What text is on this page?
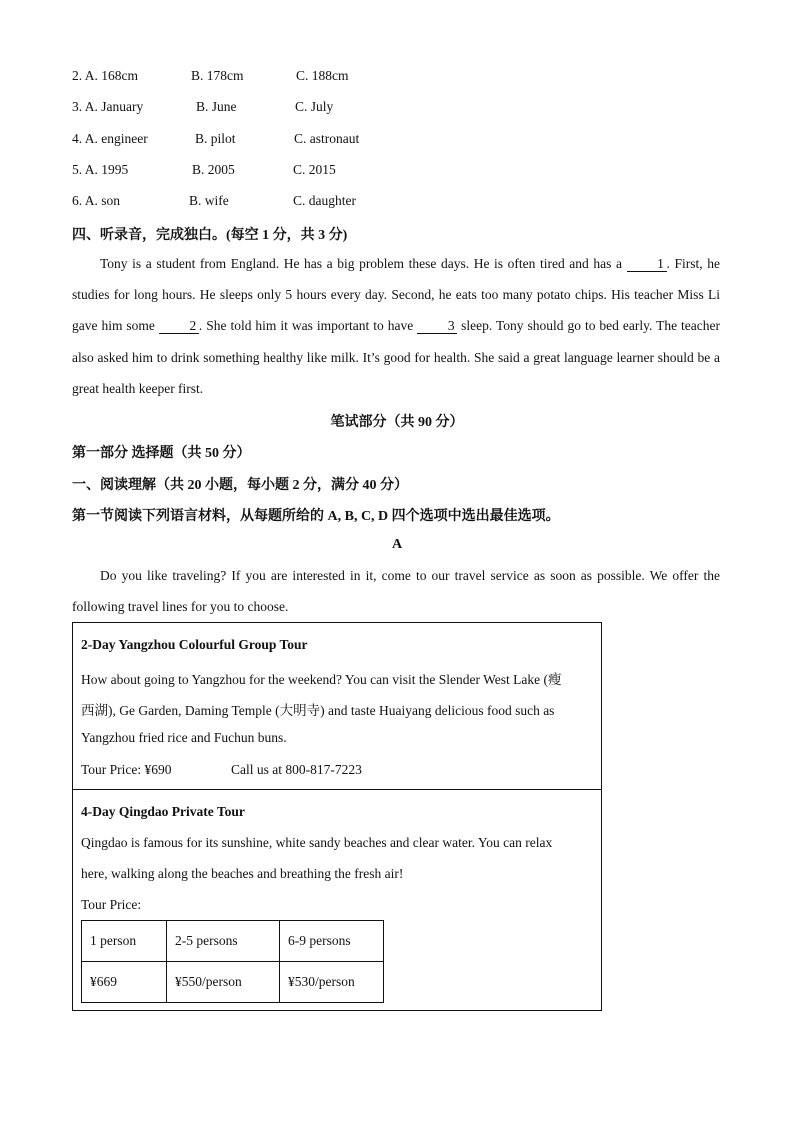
2. A. 168cm	B. 178cm	C. 188cm
3. A. January	B. June	C. July
4. A. engineer	B. pilot	C. astronaut
5. A. 1995	B. 2005	C. 2015
6. A. son	B. wife	C. daughter
四、听录音，完成独白。(每空 1 分，共 3 分)
Tony is a student from England. He has a big problem these days. He is often tired and has a 1 . First, he studies for long hours. He sleeps only 5 hours every day. Second, he eats too many potato chips. His teacher Miss Li gave him some 2 . She told him it was important to have 3 sleep. Tony should go to bed early. The teacher also asked him to drink something healthy like milk. It’s good for health. She said a great language learner should be a great health keeper first.
笔试部分（共 90 分）
第一部分 选择题（共 50 分）
一、阅读理解（共 20 小题，每小题 2 分，满分 40 分）
第一节阅读下列语言材料，从每题所给的 A, B, C, D 四个选项中选出最佳选项。
A
Do you like traveling? If you are interested in it, come to our travel service as soon as possible. We offer the following travel lines for you to choose.
2-Day Yangzhou Colourful Group Tour
How about going to Yangzhou for the weekend? You can visit the Slender West Lake (瘦
西湖), Ge Garden, Daming Temple (大明寺) and taste Huaiyang delicious food such as
Yangzhou fried rice and Fuchun buns.
Tour Price: ¥690	Call us at 800-817-7223
4-Day Qingdao Private Tour
Qingdao is famous for its sunshine, white sandy beaches and clear water. You can relax
here, walking along the beaches and breathing the fresh air!
Tour Price:
1 person	2-5 persons	6-9 persons
¥669	¥550/person	¥530/person
